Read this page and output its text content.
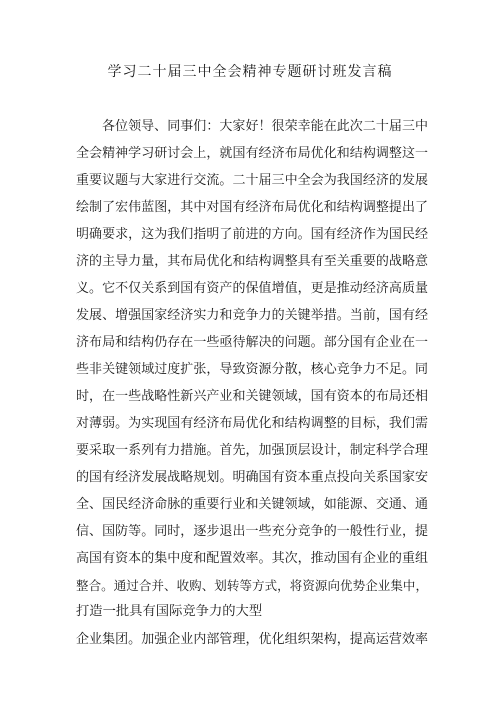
学习二十届三中全会精神专题研讨班发言稿

各位领导、同事们：大家好！很荣幸能在此次二十届三中

全会精神学习研讨会上，就国有经济布局优化和结构调整这一

重要议题与大家进行交流。二十届三中全会为我国经济的发展

绘制了宏伟蓝图，其中对国有经济布局优化和结构调整提出了

明确要求，这为我们指明了前进的方向。国有经济作为国民经

济的主导力量，其布局优化和结构调整具有至关重要的战略意

义。它不仅关系到国有资产的保值增值，更是推动经济高质量

发展、增强国家经济实力和竞争力的关键举措。当前，国有经

济布局和结构仍存在一些亟待解决的问题。部分国有企业在一

些非关键领域过度扩张，导致资源分散，核心竞争力不足。同

时，在一些战略性新兴产业和关键领域，国有资本的布局还相

对薄弱。为实现国有经济布局优化和结构调整的目标，我们需

要采取一系列有力措施。首先，加强顶层设计，制定科学合理

的国有经济发展战略规划。明确国有资本重点投向关系国家安

全、国民经济命脉的重要行业和关键领域，如能源、交通、通

信、国防等。同时，逐步退出一些充分竞争的一般性行业，提

高国有资本的集中度和配置效率。其次，推动国有企业的重组

整合。通过合并、收购、划转等方式，将资源向优势企业集中，

打造一批具有国际竞争力的大型

企业集团。加强企业内部管理，优化组织架构，提高运营效率
